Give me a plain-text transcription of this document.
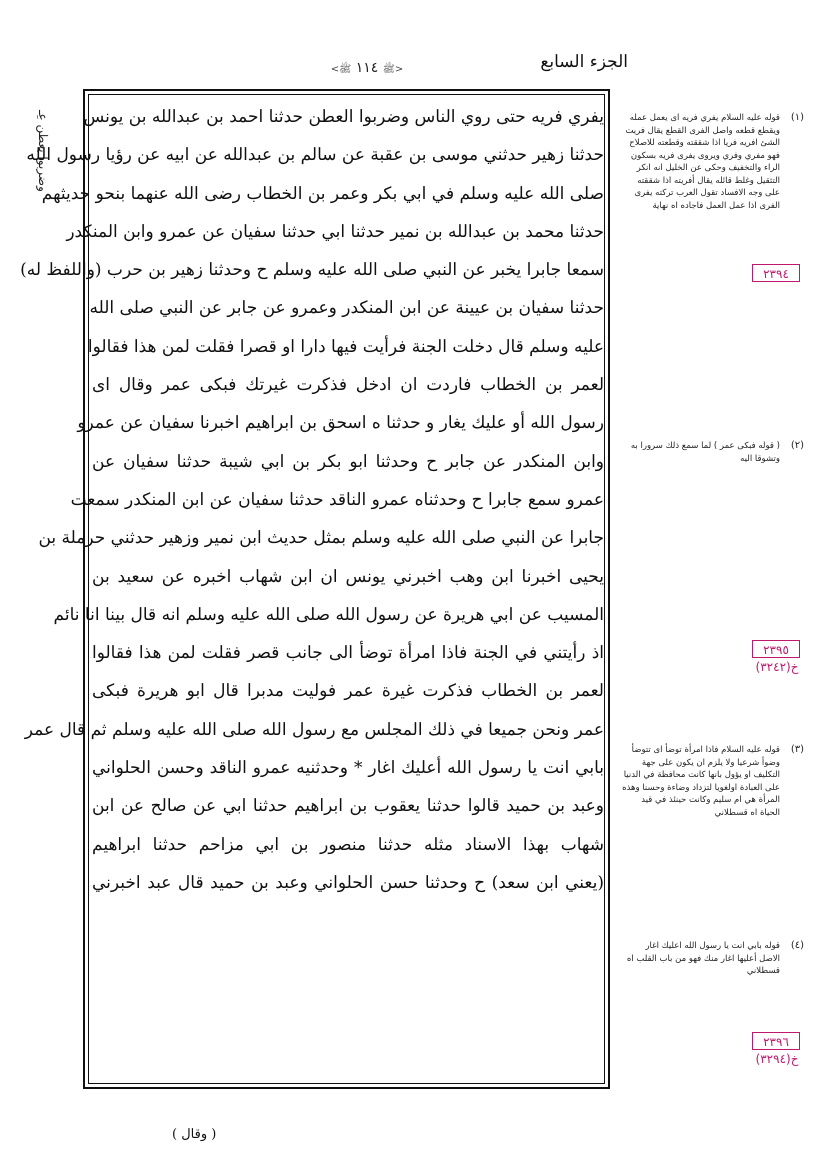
الجزء السابع
<ﷺ ١١٤ ﷺ>
وضربوا بعطن عِـ يفري فريه حتى روي الناس وضربوا العطن حدثنا احمد بن عبدالله بن يونس
حدثنا زهير حدثني موسى بن عقبة عن سالم بن عبدالله عن ابيه عن رؤيا رسول الله
صلى الله عليه وسلم في ابي بكر وعمر بن الخطاب رضى الله عنهما بنحو حديثهم
حدثنا محمد بن عبدالله بن نمير حدثنا ابي حدثنا سفيان عن عمرو وابن المنكدر
سمعا جابرا يخبر عن النبي صلى الله عليه وسلم ح وحدثنا زهير بن حرب (واللفظ له)
حدثنا سفيان بن عيينة عن ابن المنكدر وعمرو عن جابر عن النبي صلى الله
عليه وسلم قال دخلت الجنة فرأيت فيها دارا او قصرا فقلت لمن هذا فقالوا
لعمر بن الخطاب فاردت ان ادخل فذكرت غيرتك فبكى عمر وقال اى
رسول الله أو عليك يغار و حدثنا ه اسحق بن ابراهيم اخبرنا سفيان عن عمرو
وابن المنكدر عن جابر ح وحدثنا ابو بكر بن ابي شيبة حدثنا سفيان عن
عمرو سمع جابرا ح وحدثناه عمرو الناقد حدثنا سفيان عن ابن المنكدر سمعت
جابرا عن النبي صلى الله عليه وسلم بمثل حديث ابن نمير وزهير حدثني حرملة بن
يحيى اخبرنا ابن وهب اخبرني يونس ان ابن شهاب اخبره عن سعيد بن
المسيب عن ابي هريرة عن رسول الله صلى الله عليه وسلم انه قال بينا انا نائم
اذ رأيتني في الجنة فاذا امرأة توضأ الى جانب قصر فقلت لمن هذا فقالوا
لعمر بن الخطاب فذكرت غيرة عمر فوليت مدبرا قال ابو هريرة فبكى
عمر ونحن جميعا في ذلك المجلس مع رسول الله صلى الله عليه وسلم ثم قال عمر
بابي انت يا رسول الله أعليك اغار * وحدثنيه عمرو الناقد وحسن الحلواني
وعبد بن حميد قالوا حدثنا يعقوب بن ابراهيم حدثنا ابي عن صالح عن ابن
شهاب بهذا الاسناد مثله حدثنا منصور بن ابي مزاحم حدثنا ابراهيم
(يعني ابن سعد) ح وحدثنا حسن الحلواني وعبد بن حميد قال عبد اخبرني
(١)
قوله عليه السلام يفري فريه اى يعمل عمله ويقطع قطعه واصل الفرى القطع يقال فريت الشئ افريه فريا اذا شققته وقطعته للاصلاح فهو مفري وفري ويروى يفرى فريه بسكون الراء والتخفيف وحكى عن الخليل انه انكر التثقيل وغلط قائله يقال أفريته اذا شققته على وجه الافساد تقول العرب تركته يفرى الفرى اذا عمل العمل فاجاده اه نهاية
(٢)
( قوله فبكى عمر ) لما سمع ذلك سرورا به وتشوقا اليه
(٣)
قوله عليه السلام فاذا امرأة توضأ اى تتوضأ وضوأ شرعيا ولا يلزم ان يكون على جهة التكليف او يؤول بانها كانت محافظة في الدنيا على العبادة اولغويا لتزداد وضاءة وحسنا وهذه المرأة هي ام سليم وكانت حينئذ في قيد الحياة اه قسطلاني
(٤)
قوله بابي انت يا رسول الله اعليك اغار الاصل أعليها اغار منك فهو من باب القلب اه قسطلاني
٢٣٩٤
٢٣٩٥
خ(٣٢٤٢)
٢٣٩٦
خ(٣٢٩٤)
( وقال )
